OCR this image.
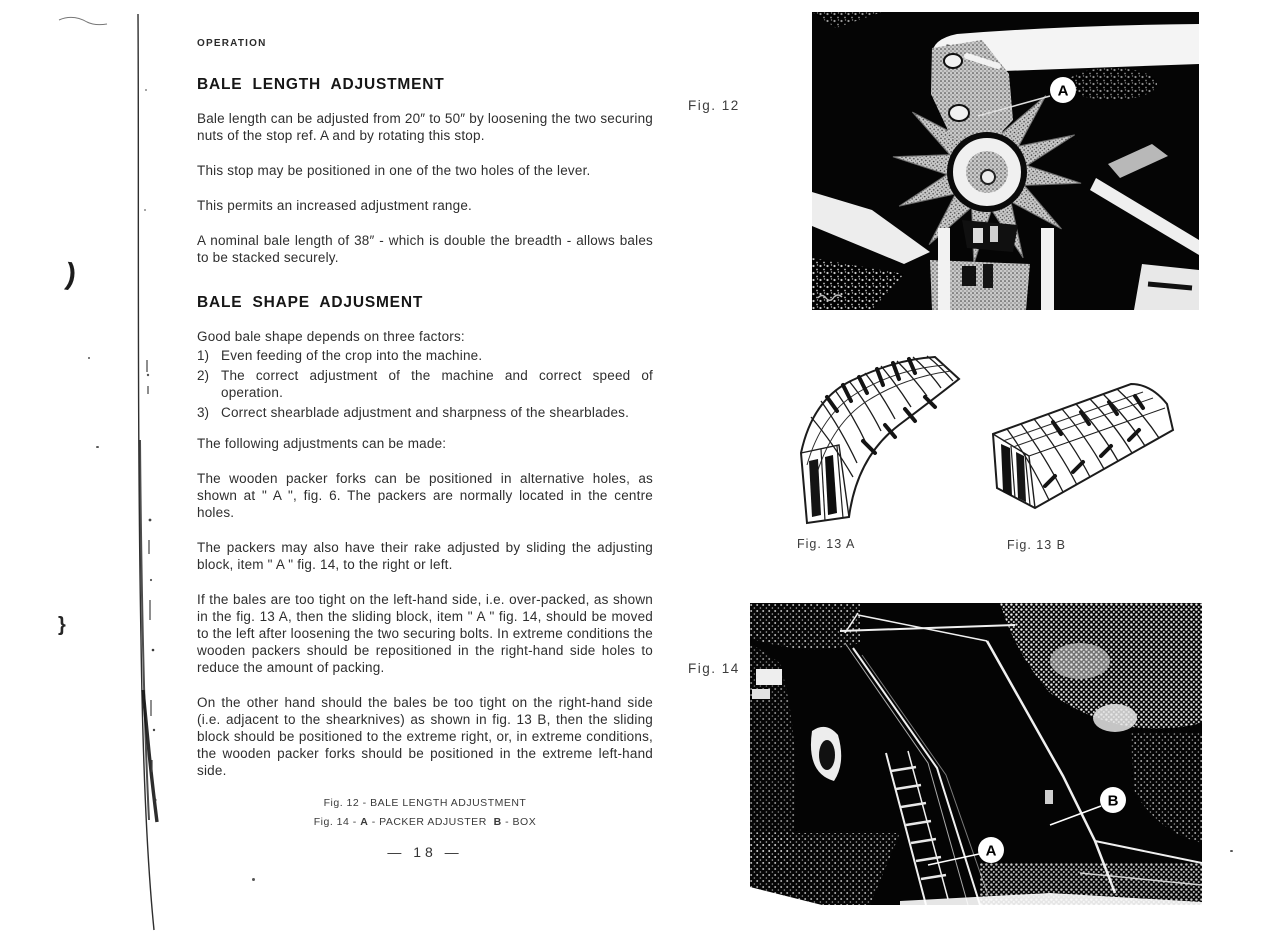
)
}
OPERATION
BALE LENGTH ADJUSTMENT

Bale length can be adjusted from 20″ to 50″ by loosening the two securing nuts of the stop ref. A and by rotating this stop.

This stop may be positioned in one of the two holes of the lever.

This permits an increased adjustment range.

A nominal bale length of 38″ - which is double the breadth - allows bales to be stacked securely.

BALE SHAPE ADJUSMENT

Good bale shape depends on three factors:

1) Even feeding of the crop into the machine.
2) The correct adjustment of the machine and correct speed of operation.
3) Correct shearblade adjustment and sharpness of the shearblades.

The following adjustments can be made:

The wooden packer forks can be positioned in alternative holes, as shown at " A ", fig. 6. The packers are normally located in the centre holes.

The packers may also have their rake adjusted by sliding the adjusting block, item " A " fig. 14, to the right or left.

If the bales are too tight on the left-hand side, i.e. over-packed, as shown in the fig. 13 A, then the sliding block, item " A " fig. 14, should be moved to the left after loosening the two securing bolts. In extreme conditions the wooden packers should be repositioned in the right-hand side holes to reduce the amount of packing.

On the other hand should the bales be too tight on the right-hand side (i.e. adjacent to the shearknives) as shown in fig. 13 B, then the sliding block should be positioned to the extreme right, or, in extreme conditions, the wooden packer forks should be positioned in the extreme left-hand side.

Fig. 12 - BALE LENGTH ADJUSTMENT
Fig. 14 - A - PACKER ADJUSTER  B - BOX
— 18 —
Fig. 12
A
Fig. 13 A	Fig. 13 B
Fig. 14
B
A
